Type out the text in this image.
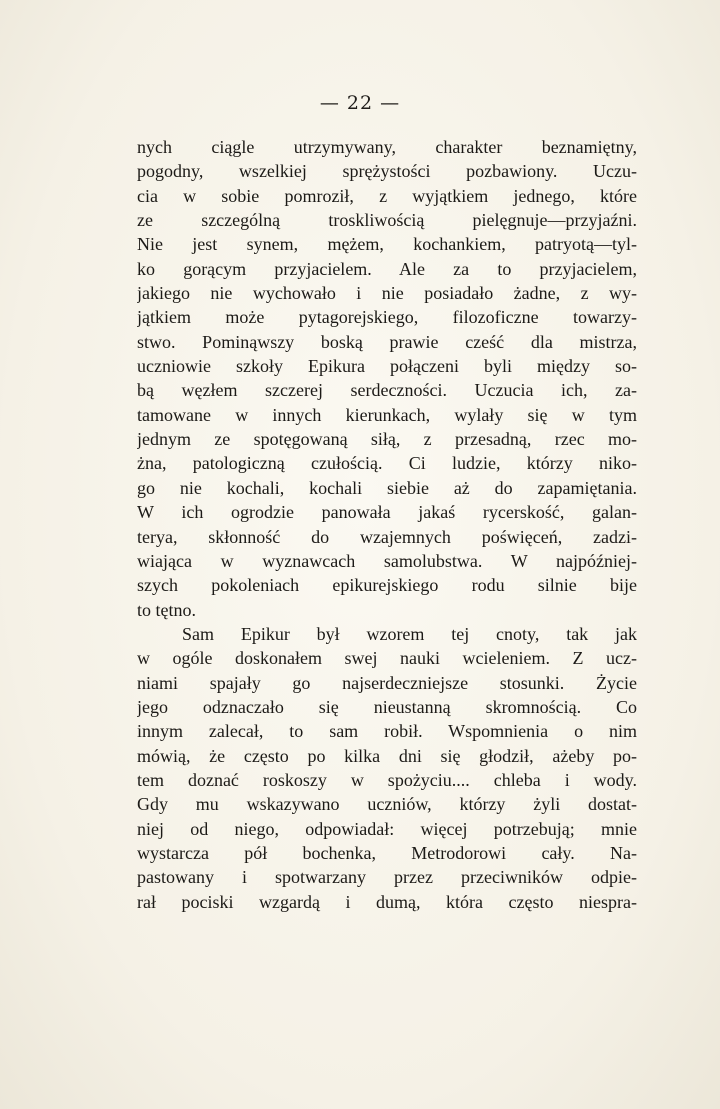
— 22 —
nych ciągle utrzymywany, charakter beznamiętny,
pogodny, wszelkiej sprężystości pozbawiony. Uczu-
cia w sobie pomroził, z wyjątkiem jednego, które
ze szczególną troskliwością pielęgnuje—przyjaźni.
Nie jest synem, mężem, kochankiem, patryotą—tyl-
ko gorącym przyjacielem. Ale za to przyjacielem,
jakiego nie wychowało i nie posiadało żadne, z wy-
jątkiem może pytagorejskiego, filozoficzne towarzy-
stwo. Pominąwszy boską prawie cześć dla mistrza,
uczniowie szkoły Epikura połączeni byli między so-
bą węzłem szczerej serdeczności. Uczucia ich, za-
tamowane w innych kierunkach, wylały się w tym
jednym ze spotęgowaną siłą, z przesadną, rzec mo-
żna, patologiczną czułością. Ci ludzie, którzy niko-
go nie kochali, kochali siebie aż do zapamiętania.
W ich ogrodzie panowała jakaś rycerskość, galan-
terya, skłonność do wzajemnych poświęceń, zadzi-
wiająca w wyznawcach samolubstwa. W najpóźniej-
szych pokoleniach epikurejskiego rodu silnie bije
to tętno.
Sam Epikur był wzorem tej cnoty, tak jak
w ogóle doskonałem swej nauki wcieleniem. Z ucz-
niami spajały go najserdeczniejsze stosunki. Życie
jego odznaczało się nieustanną skromnością. Co
innym zalecał, to sam robił. Wspomnienia o nim
mówią, że często po kilka dni się głodził, ażeby po-
tem doznać roskoszy w spożyciu.... chleba i wody.
Gdy mu wskazywano uczniów, którzy żyli dostat-
niej od niego, odpowiadał: więcej potrzebują; mnie
wystarcza pół bochenka, Metrodorowi cały. Na-
pastowany i spotwarzany przez przeciwników odpie-
rał pociski wzgardą i dumą, która często niespra-
